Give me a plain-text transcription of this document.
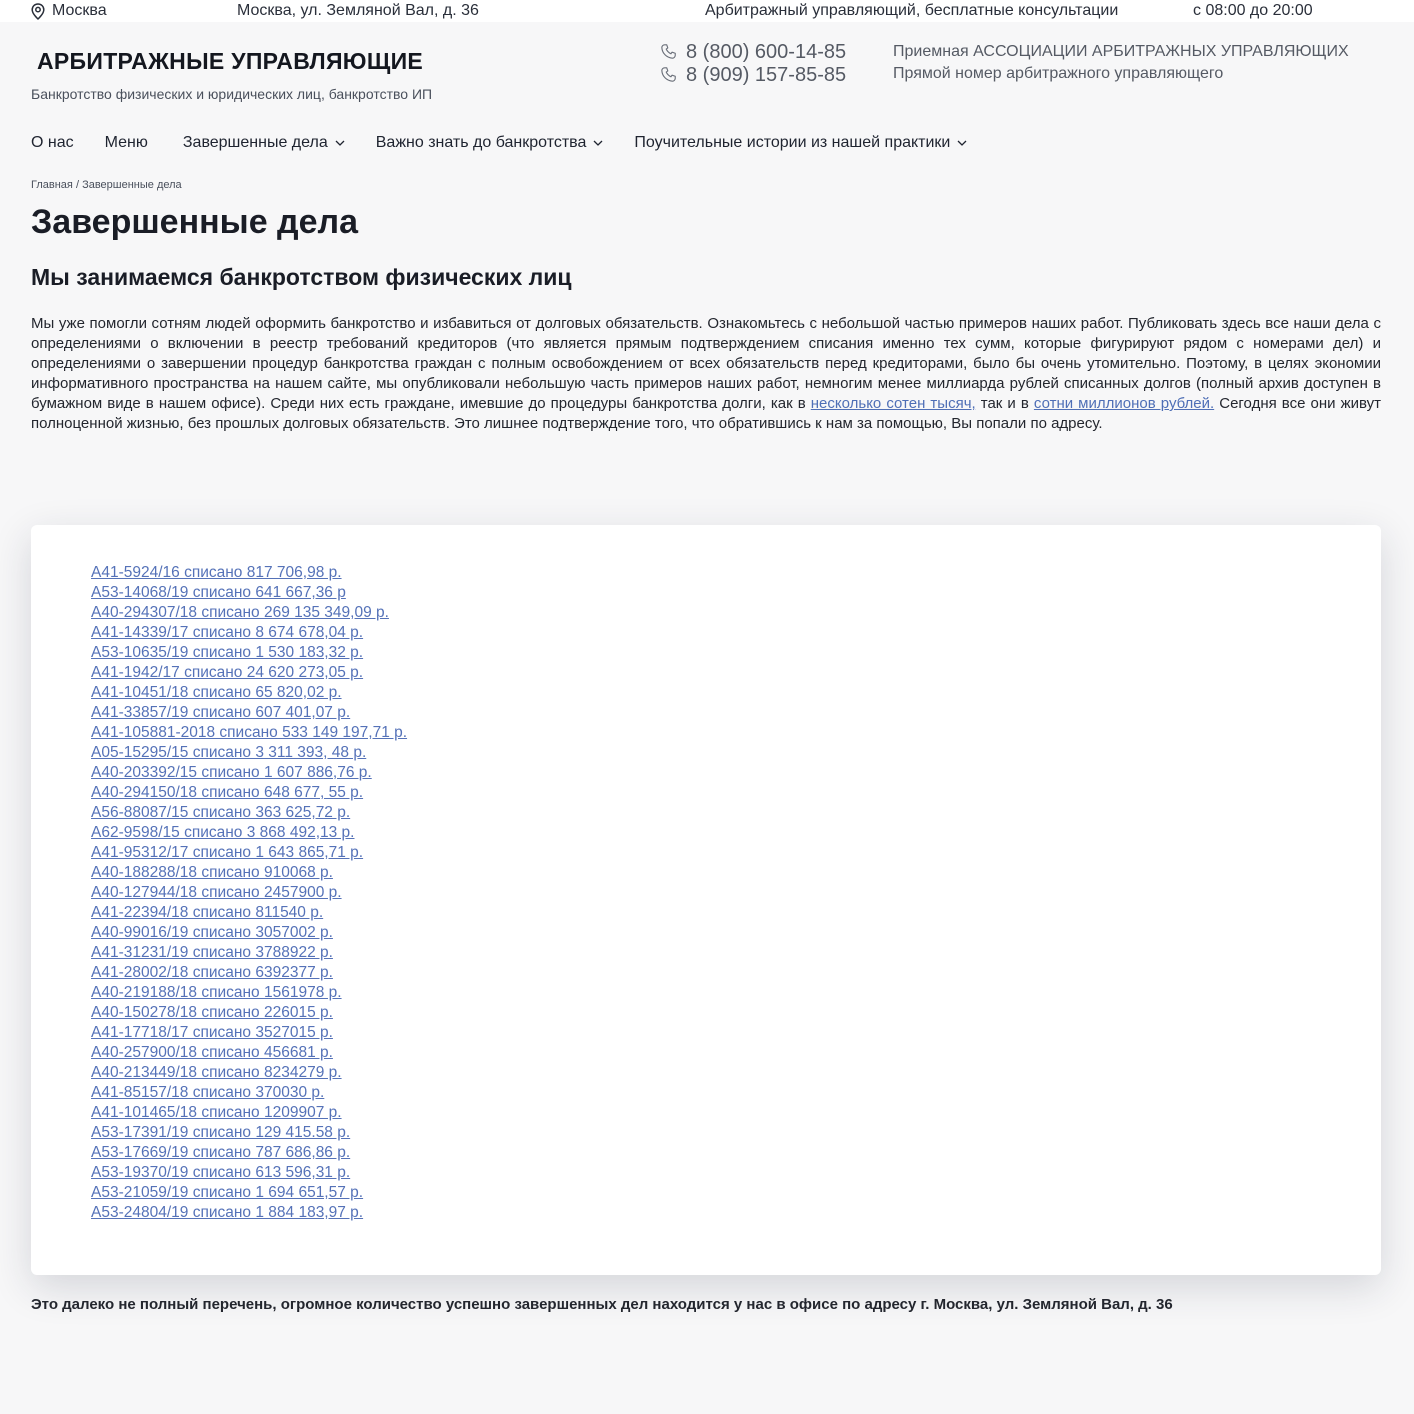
Москва	Москва, ул. Земляной Вал, д. 36	Арбитражный управляющий, бесплатные консультации	с 08:00 до 20:00
АРБИТРАЖНЫЕ УПРАВЛЯЮЩИЕ
Банкротство физических и юридических лиц, банкротство ИП
8 (800) 600-14-85
8 (909) 157-85-85
Приемная АССОЦИАЦИИ АРБИТРАЖНЫХ УПРАВЛЯЮЩИХ
Прямой номер арбитражного управляющего
О нас Меню Завершенные дела	Важно знать до банкротства	Поучительные истории из нашей практики
Главная / Завершенные дела
Завершенные дела
Мы занимаемся банкротством физических лиц

Мы уже помогли сотням людей оформить банкротство и избавиться от долговых обязательств. Ознакомьтесь с небольшой частью примеров наших работ. Публиковать здесь все наши дела с определениями о включении в реестр требований кредиторов (что является прямым подтверждением списания именно тех сумм, которые фигурируют рядом с номерами дел) и определениями о завершении процедур банкротства граждан с полным освобождением от всех обязательств перед кредиторами, было бы очень утомительно. Поэтому, в целях экономии информативного пространства на нашем сайте, мы опубликовали небольшую часть примеров наших работ, немногим менее миллиарда рублей списанных долгов (полный архив доступен в бумажном виде в нашем офисе). Среди них есть граждане, имевшие до процедуры банкротства долги, как в несколько сотен тысяч, так и в сотни миллионов рублей. Сегодня все они живут полноценной жизнью, без прошлых долговых обязательств. Это лишнее подтверждение того, что обратившись к нам за помощью, Вы попали по адресу.

А41-5924/16 списано 817 706,98 р.
А53-14068/19 списано 641 667,36 р
А40-294307/18 списано 269 135 349,09 р.
А41-14339/17 списано 8 674 678,04 р.
А53-10635/19 списано 1 530 183,32 р.
А41-1942/17 списано 24 620 273,05 р.
А41-10451/18 списано 65 820,02 р.
А41-33857/19 списано 607 401,07 р.
А41-105881-2018 списано 533 149 197,71 р.
А05-15295/15 списано 3 311 393, 48 р.
А40-203392/15 списано 1 607 886,76 р.
А40-294150/18 списано 648 677, 55 р.
А56-88087/15 списано 363 625,72 р.
А62-9598/15 списано 3 868 492,13 р.
А41-95312/17 списано 1 643 865,71 р.
А40-188288/18 списано 910068 р.
А40-127944/18 списано 2457900 р.
А41-22394/18 списано 811540 р.
А40-99016/19 списано 3057002 р.
А41-31231/19 списано 3788922 р.
А41-28002/18 списано 6392377 р.
А40-219188/18 списано 1561978 р.
А40-150278/18 списано 226015 р.
А41-17718/17 списано 3527015 р.
А40-257900/18 списано 456681 р.
А40-213449/18 списано 8234279 р.
А41-85157/18 списано 370030 р.
А41-101465/18 списано 1209907 р.
А53-17391/19 списано 129 415.58 р.
А53-17669/19 списано 787 686,86 р.
А53-19370/19 списано 613 596,31 р.
А53-21059/19 списано 1 694 651,57 р.
А53-24804/19 списано 1 884 183,97 р.
Это далеко не полный перечень, огромное количество успешно завершенных дел находится у нас в офисе по адресу г. Москва, ул. Земляной Вал, д. 36
